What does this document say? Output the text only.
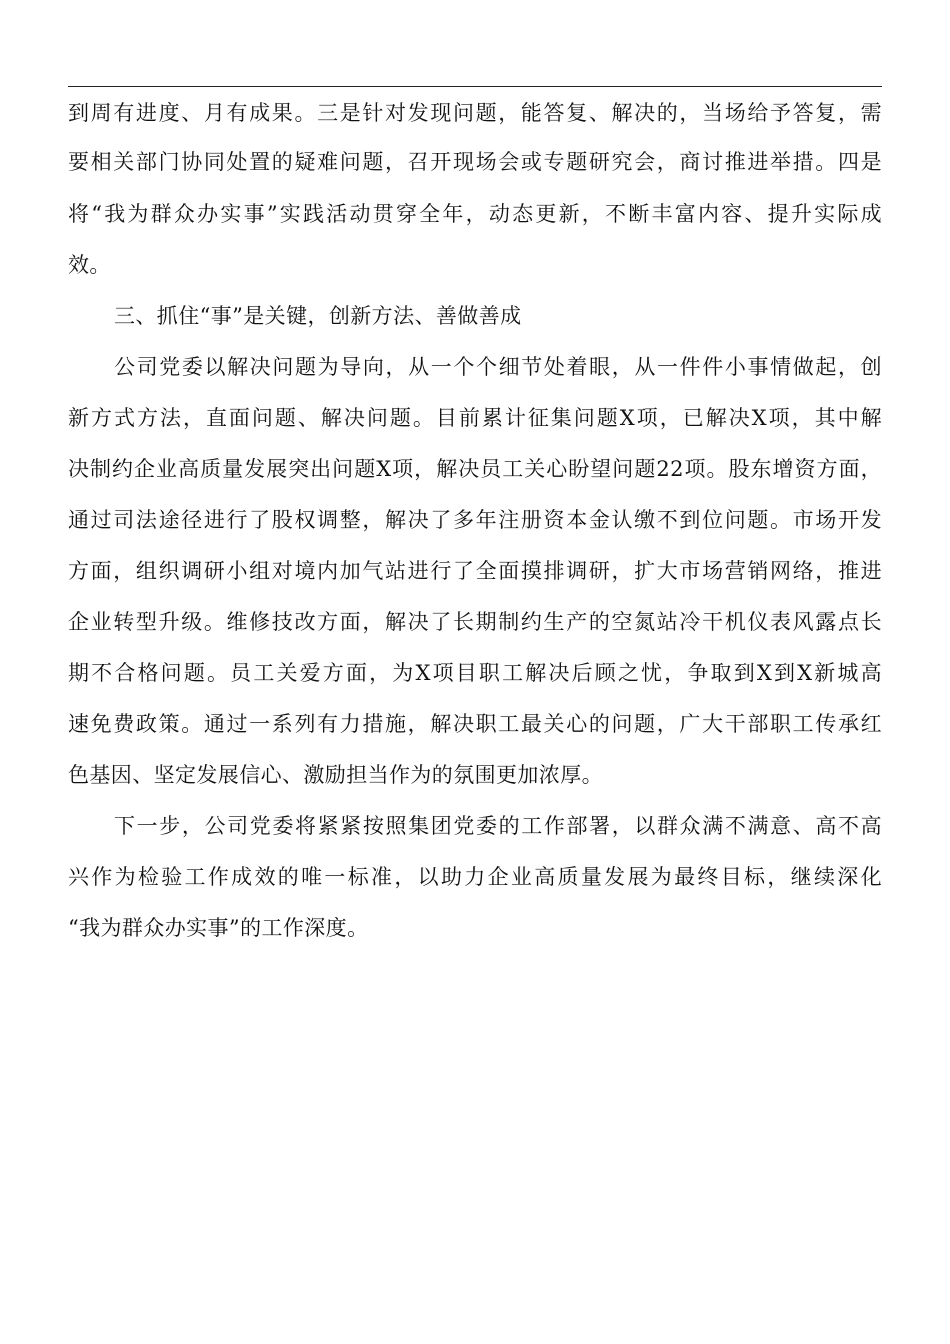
到周有进度、月有成果。三是针对发现问题，能答复、解决的，当场给予答复，需
要相关部门协同处置的疑难问题，召开现场会或专题研究会，商讨推进举措。四是
将“我为群众办实事”实践活动贯穿全年，动态更新，不断丰富内容、提升实际成
效。
三、抓住“事”是关键，创新方法、善做善成
公司党委以解决问题为导向，从一个个细节处着眼，从一件件小事情做起，创
新方式方法，直面问题、解决问题。目前累计征集问题X项，已解决X项，其中解
决制约企业高质量发展突出问题X项，解决员工关心盼望问题22项。股东增资方面，
通过司法途径进行了股权调整，解决了多年注册资本金认缴不到位问题。市场开发
方面，组织调研小组对境内加气站进行了全面摸排调研，扩大市场营销网络，推进
企业转型升级。维修技改方面，解决了长期制约生产的空氮站冷干机仪表风露点长
期不合格问题。员工关爱方面，为X项目职工解决后顾之忧，争取到X到X新城高
速免费政策。通过一系列有力措施，解决职工最关心的问题，广大干部职工传承红
色基因、坚定发展信心、激励担当作为的氛围更加浓厚。
下一步，公司党委将紧紧按照集团党委的工作部署，以群众满不满意、高不高
兴作为检验工作成效的唯一标准，以助力企业高质量发展为最终目标，继续深化
“我为群众办实事”的工作深度。
